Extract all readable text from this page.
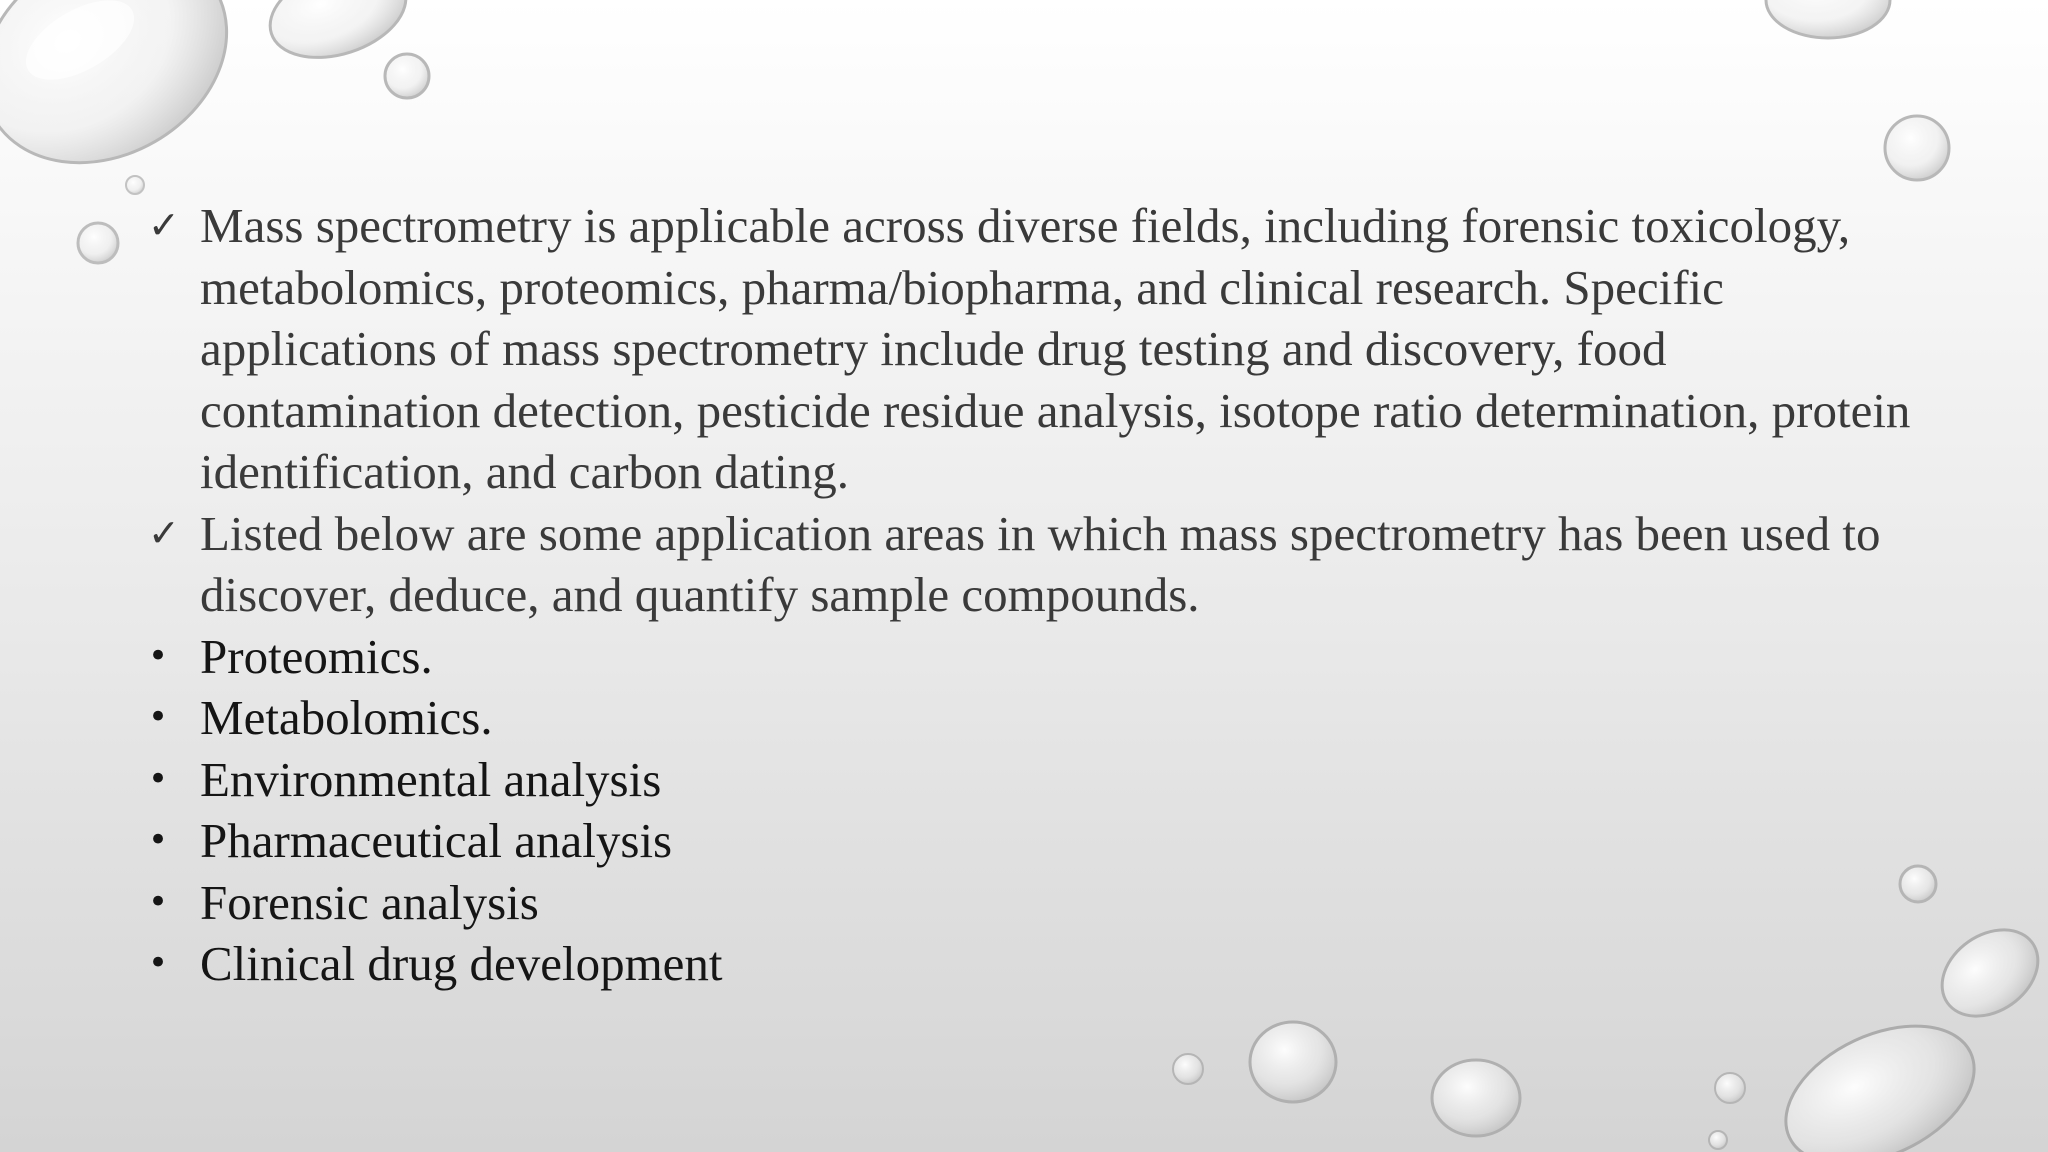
✓ Mass spectrometry is applicable across diverse fields, including forensic toxicology, metabolomics, proteomics, pharma/biopharma, and clinical research. Specific applications of mass spectrometry include drug testing and discovery, food contamination detection, pesticide residue analysis, isotope ratio determination, protein identification, and carbon dating.
✓ Listed below are some application areas in which mass spectrometry has been used to discover, deduce, and quantify sample compounds.
• Proteomics.
• Metabolomics.
• Environmental analysis
• Pharmaceutical analysis
• Forensic analysis
• Clinical drug development
